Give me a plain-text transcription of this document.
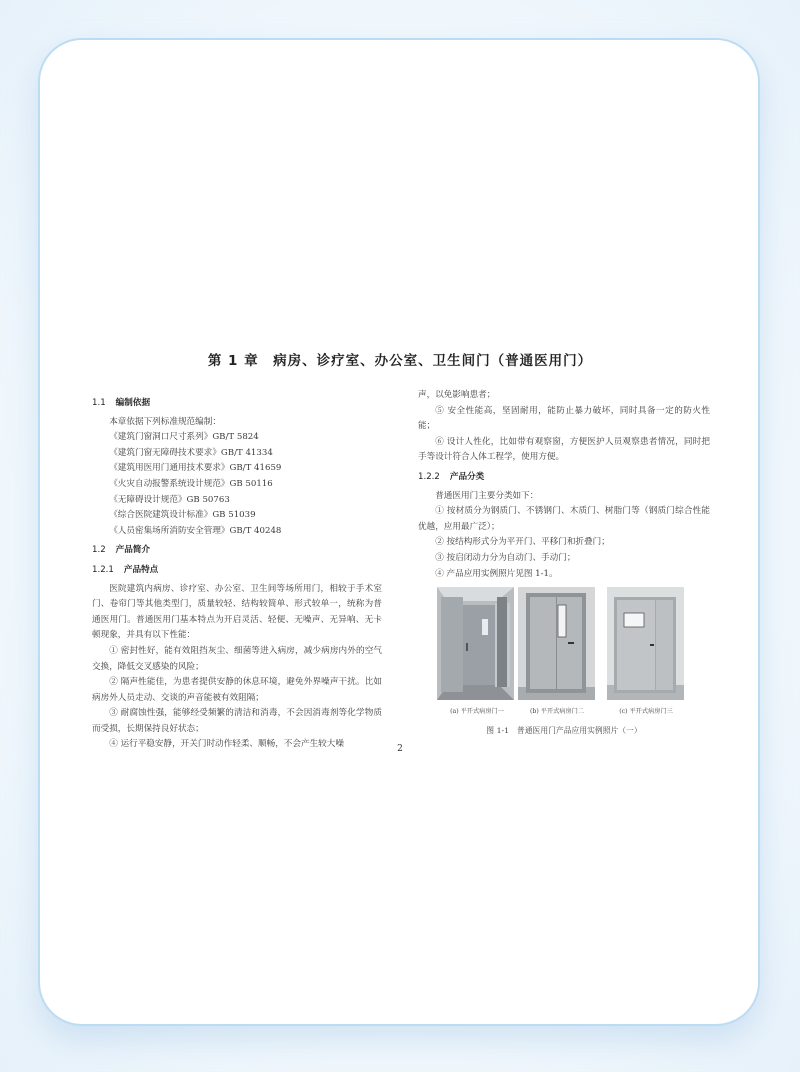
第 1 章　病房、诊疗室、办公室、卫生间门（普通医用门）
1.1 编制依据
本章依据下列标准规范编制：
《建筑门窗洞口尺寸系列》GB/T 5824
《建筑门窗无障碍技术要求》GB/T 41334
《建筑用医用门通用技术要求》GB/T 41659
《火灾自动报警系统设计规范》GB 50116
《无障碍设计规范》GB 50763
《综合医院建筑设计标准》GB 51039
《人员密集场所消防安全管理》GB/T 40248
1.2 产品简介
1.2.1 产品特点
医院建筑内病房、诊疗室、办公室、卫生间等场所用门，相较于手术室门、卷帘门等其他类型门，质量较轻、结构较简单、形式较单一，统称为普通医用门。普通医用门基本特点为开启灵活、轻便、无噪声、无异响、无卡顿现象，并具有以下性能：
① 密封性好，能有效阻挡灰尘、细菌等进入病房，减少病房内外的空气交换，降低交叉感染的风险；
② 隔声性能佳，为患者提供安静的休息环境，避免外界噪声干扰。比如病房外人员走动、交谈的声音能被有效阻隔；
③ 耐腐蚀性强，能够经受频繁的清洁和消毒，不会因消毒剂等化学物质而受损，长期保持良好状态；
④ 运行平稳安静，开关门时动作轻柔、顺畅，不会产生较大噪
声，以免影响患者；
⑤ 安全性能高，坚固耐用，能防止暴力破坏，同时具备一定的防火性能；
⑥ 设计人性化，比如带有观察窗，方便医护人员观察患者情况，同时把手等设计符合人体工程学，使用方便。
1.2.2 产品分类
普通医用门主要分类如下：
① 按材质分为钢质门、不锈钢门、木质门、树脂门等（钢质门综合性能优越，应用最广泛）；
② 按结构形式分为平开门、平移门和折叠门；
③ 按启闭动力分为自动门、手动门；
④ 产品应用实例照片见图 1-1。
(a) 平开式病房门一	(b) 平开式病房门二	(c) 平开式病房门三
图 1-1　普通医用门产品应用实例照片（一）
2
